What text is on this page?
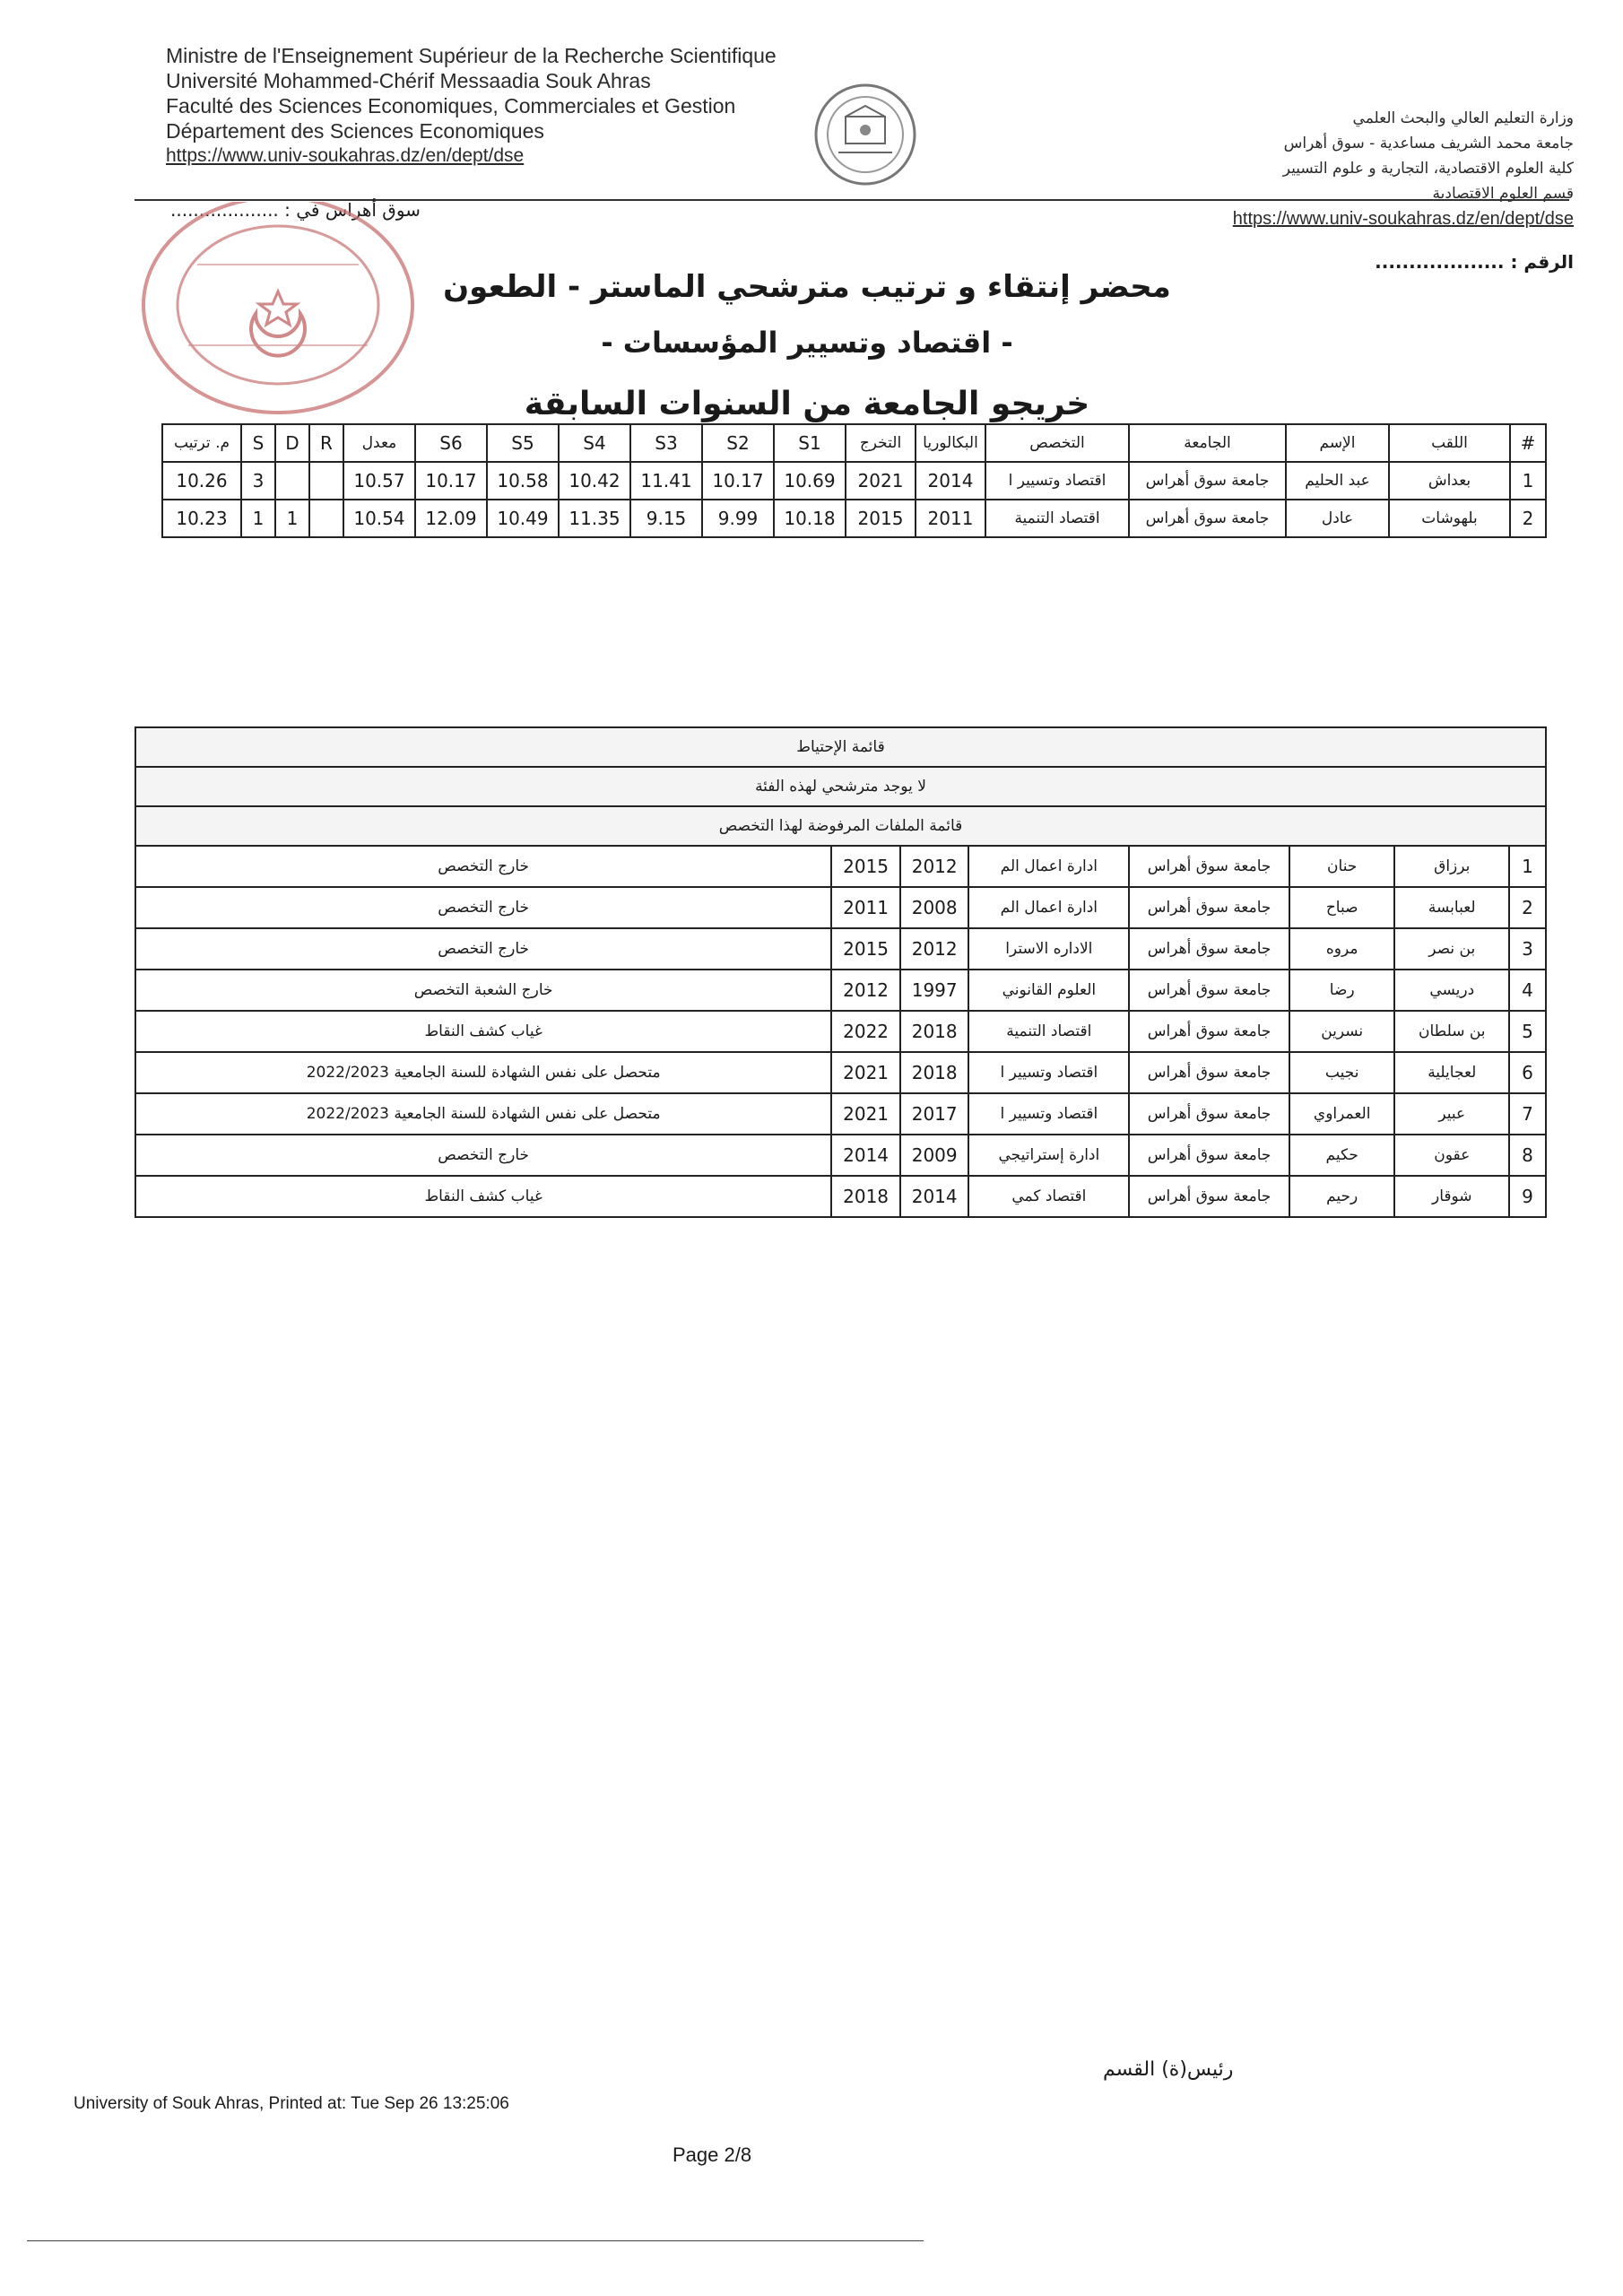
Ministre de l'Enseignement Supérieur de la Recherche Scientifique
Université Mohammed-Chérif Messaadia Souk Ahras
Faculté des Sciences Economiques, Commerciales et Gestion
Département des Sciences Economiques
https://www.univ-soukahras.dz/en/dept/dse
وزارة التعليم العالي والبحث العلمي
جامعة محمد الشريف مساعدية - سوق أهراس
كلية العلوم الاقتصادية، التجارية و علوم التسيير
قسم العلوم الاقتصادية
https://www.univ-soukahras.dz/en/dept/dse
سوق أهراس في : ...................
الرقم : ...................
محضر إنتقاء و ترتيب مترشحي الماستر - الطعون
- اقتصاد وتسيير المؤسسات -
خريجو الجامعة من السنوات السابقة
م. ترتيب	S	D	R	معدل	S6	S5	S4	S3	S2	S1	التخرج	البكالوريا	التخصص	الجامعة	الإسم	اللقب	#
10.26	3			10.57	10.17	10.58	10.42	11.41	10.17	10.69	2021	2014	اقتصاد وتسيير ا	جامعة سوق أهراس	عبد الحليم	بعداش	1
10.23	1	1		10.54	12.09	10.49	11.35	9.15	9.99	10.18	2015	2011	اقتصاد التنمية	جامعة سوق أهراس	عادل	بلهوشات	2
قائمة الإحتياط							
لا يوجد مترشحي لهذه الفئة							
قائمة الملفات المرفوضة لهذا التخصص							
خارج التخصص	2015	2012	ادارة اعمال الم	جامعة سوق أهراس	حنان	برزاق	1
خارج التخصص	2011	2008	ادارة اعمال الم	جامعة سوق أهراس	صباح	لعبابسة	2
خارج التخصص	2015	2012	الاداره الاسترا	جامعة سوق أهراس	مروه	بن نصر	3
خارج الشعبة التخصص	2012	1997	العلوم القانوني	جامعة سوق أهراس	رضا	دريسي	4
غياب كشف النقاط	2022	2018	اقتصاد التنمية	جامعة سوق أهراس	نسرين	بن سلطان	5
متحصل على نفس الشهادة للسنة الجامعية 2022/2023	2021	2018	اقتصاد وتسيير ا	جامعة سوق أهراس	نجيب	لعجايلية	6
متحصل على نفس الشهادة للسنة الجامعية 2022/2023	2021	2017	اقتصاد وتسيير ا	جامعة سوق أهراس	العمراوي	عبير	7
خارج التخصص	2014	2009	ادارة إستراتيجي	جامعة سوق أهراس	حكيم	عقون	8
غياب كشف النقاط	2018	2014	اقتصاد كمي	جامعة سوق أهراس	رحيم	شوقار	9
رئيس(ة) القسم
University of Souk Ahras, Printed at: Tue Sep 26 13:25:06
Page 2/8
